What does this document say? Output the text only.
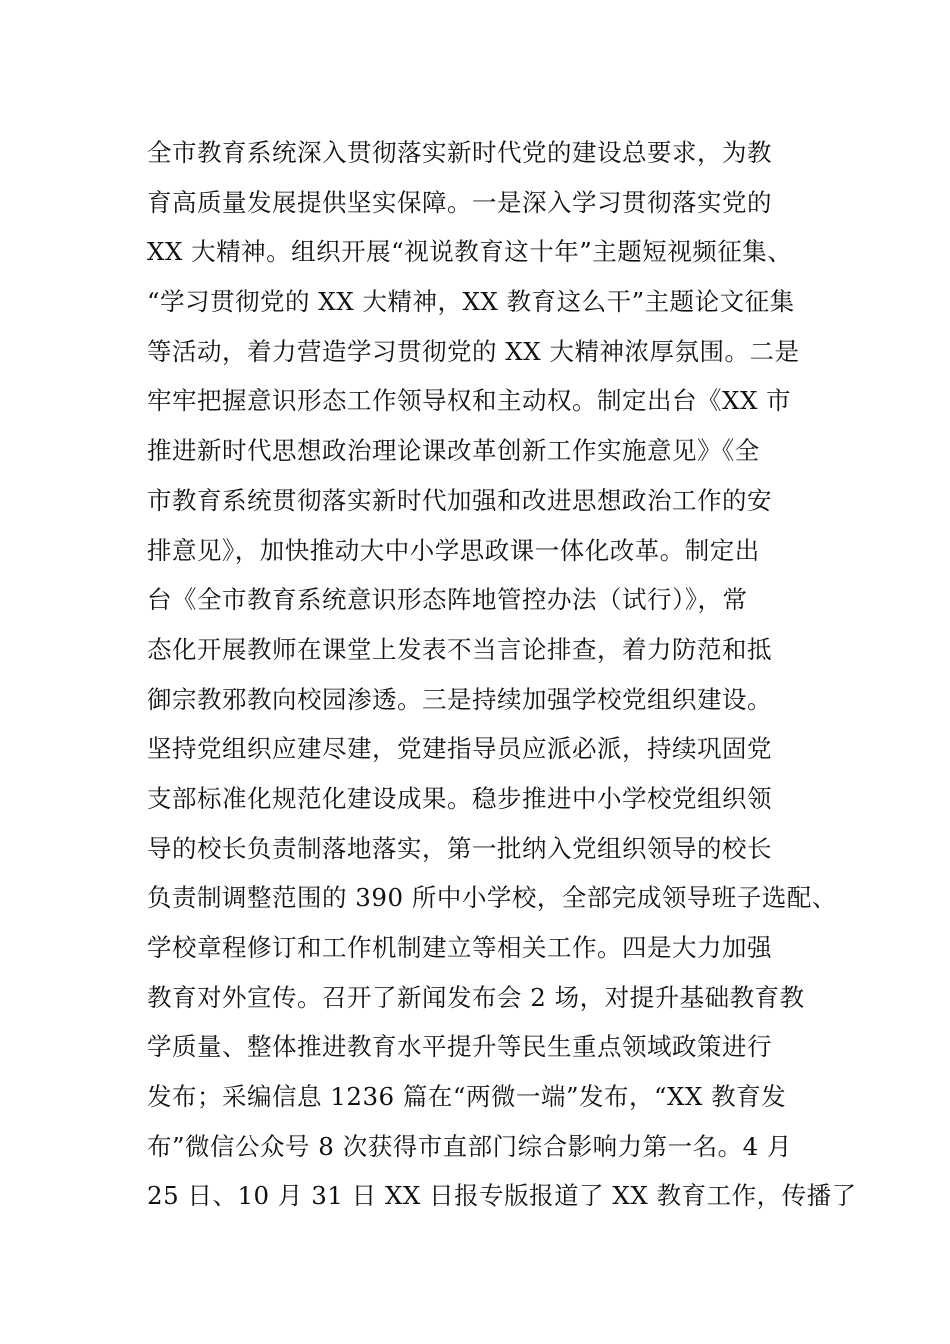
全市教育系统深入贯彻落实新时代党的建设总要求，为教
育高质量发展提供坚实保障。一是深入学习贯彻落实党的
XX 大精神。组织开展“视说教育这十年”主题短视频征集、
“学习贯彻党的 XX 大精神，XX 教育这么干”主题论文征集
等活动，着力营造学习贯彻党的 XX 大精神浓厚氛围。二是
牢牢把握意识形态工作领导权和主动权。制定出台《XX 市
推进新时代思想政治理论课改革创新工作实施意见》《全
市教育系统贯彻落实新时代加强和改进思想政治工作的安
排意见》，加快推动大中小学思政课一体化改革。制定出
台《全市教育系统意识形态阵地管控办法（试行）》，常
态化开展教师在课堂上发表不当言论排查，着力防范和抵
御宗教邪教向校园渗透。三是持续加强学校党组织建设。
坚持党组织应建尽建，党建指导员应派必派，持续巩固党
支部标准化规范化建设成果。稳步推进中小学校党组织领
导的校长负责制落地落实，第一批纳入党组织领导的校长
负责制调整范围的 390 所中小学校，全部完成领导班子选配、
学校章程修订和工作机制建立等相关工作。四是大力加强
教育对外宣传。召开了新闻发布会 2 场，对提升基础教育教
学质量、整体推进教育水平提升等民生重点领域政策进行
发布；采编信息 1236 篇在“两微一端”发布，“XX 教育发
布”微信公众号 8 次获得市直部门综合影响力第一名。4 月
25 日、10 月 31 日 XX 日报专版报道了 XX 教育工作，传播了
